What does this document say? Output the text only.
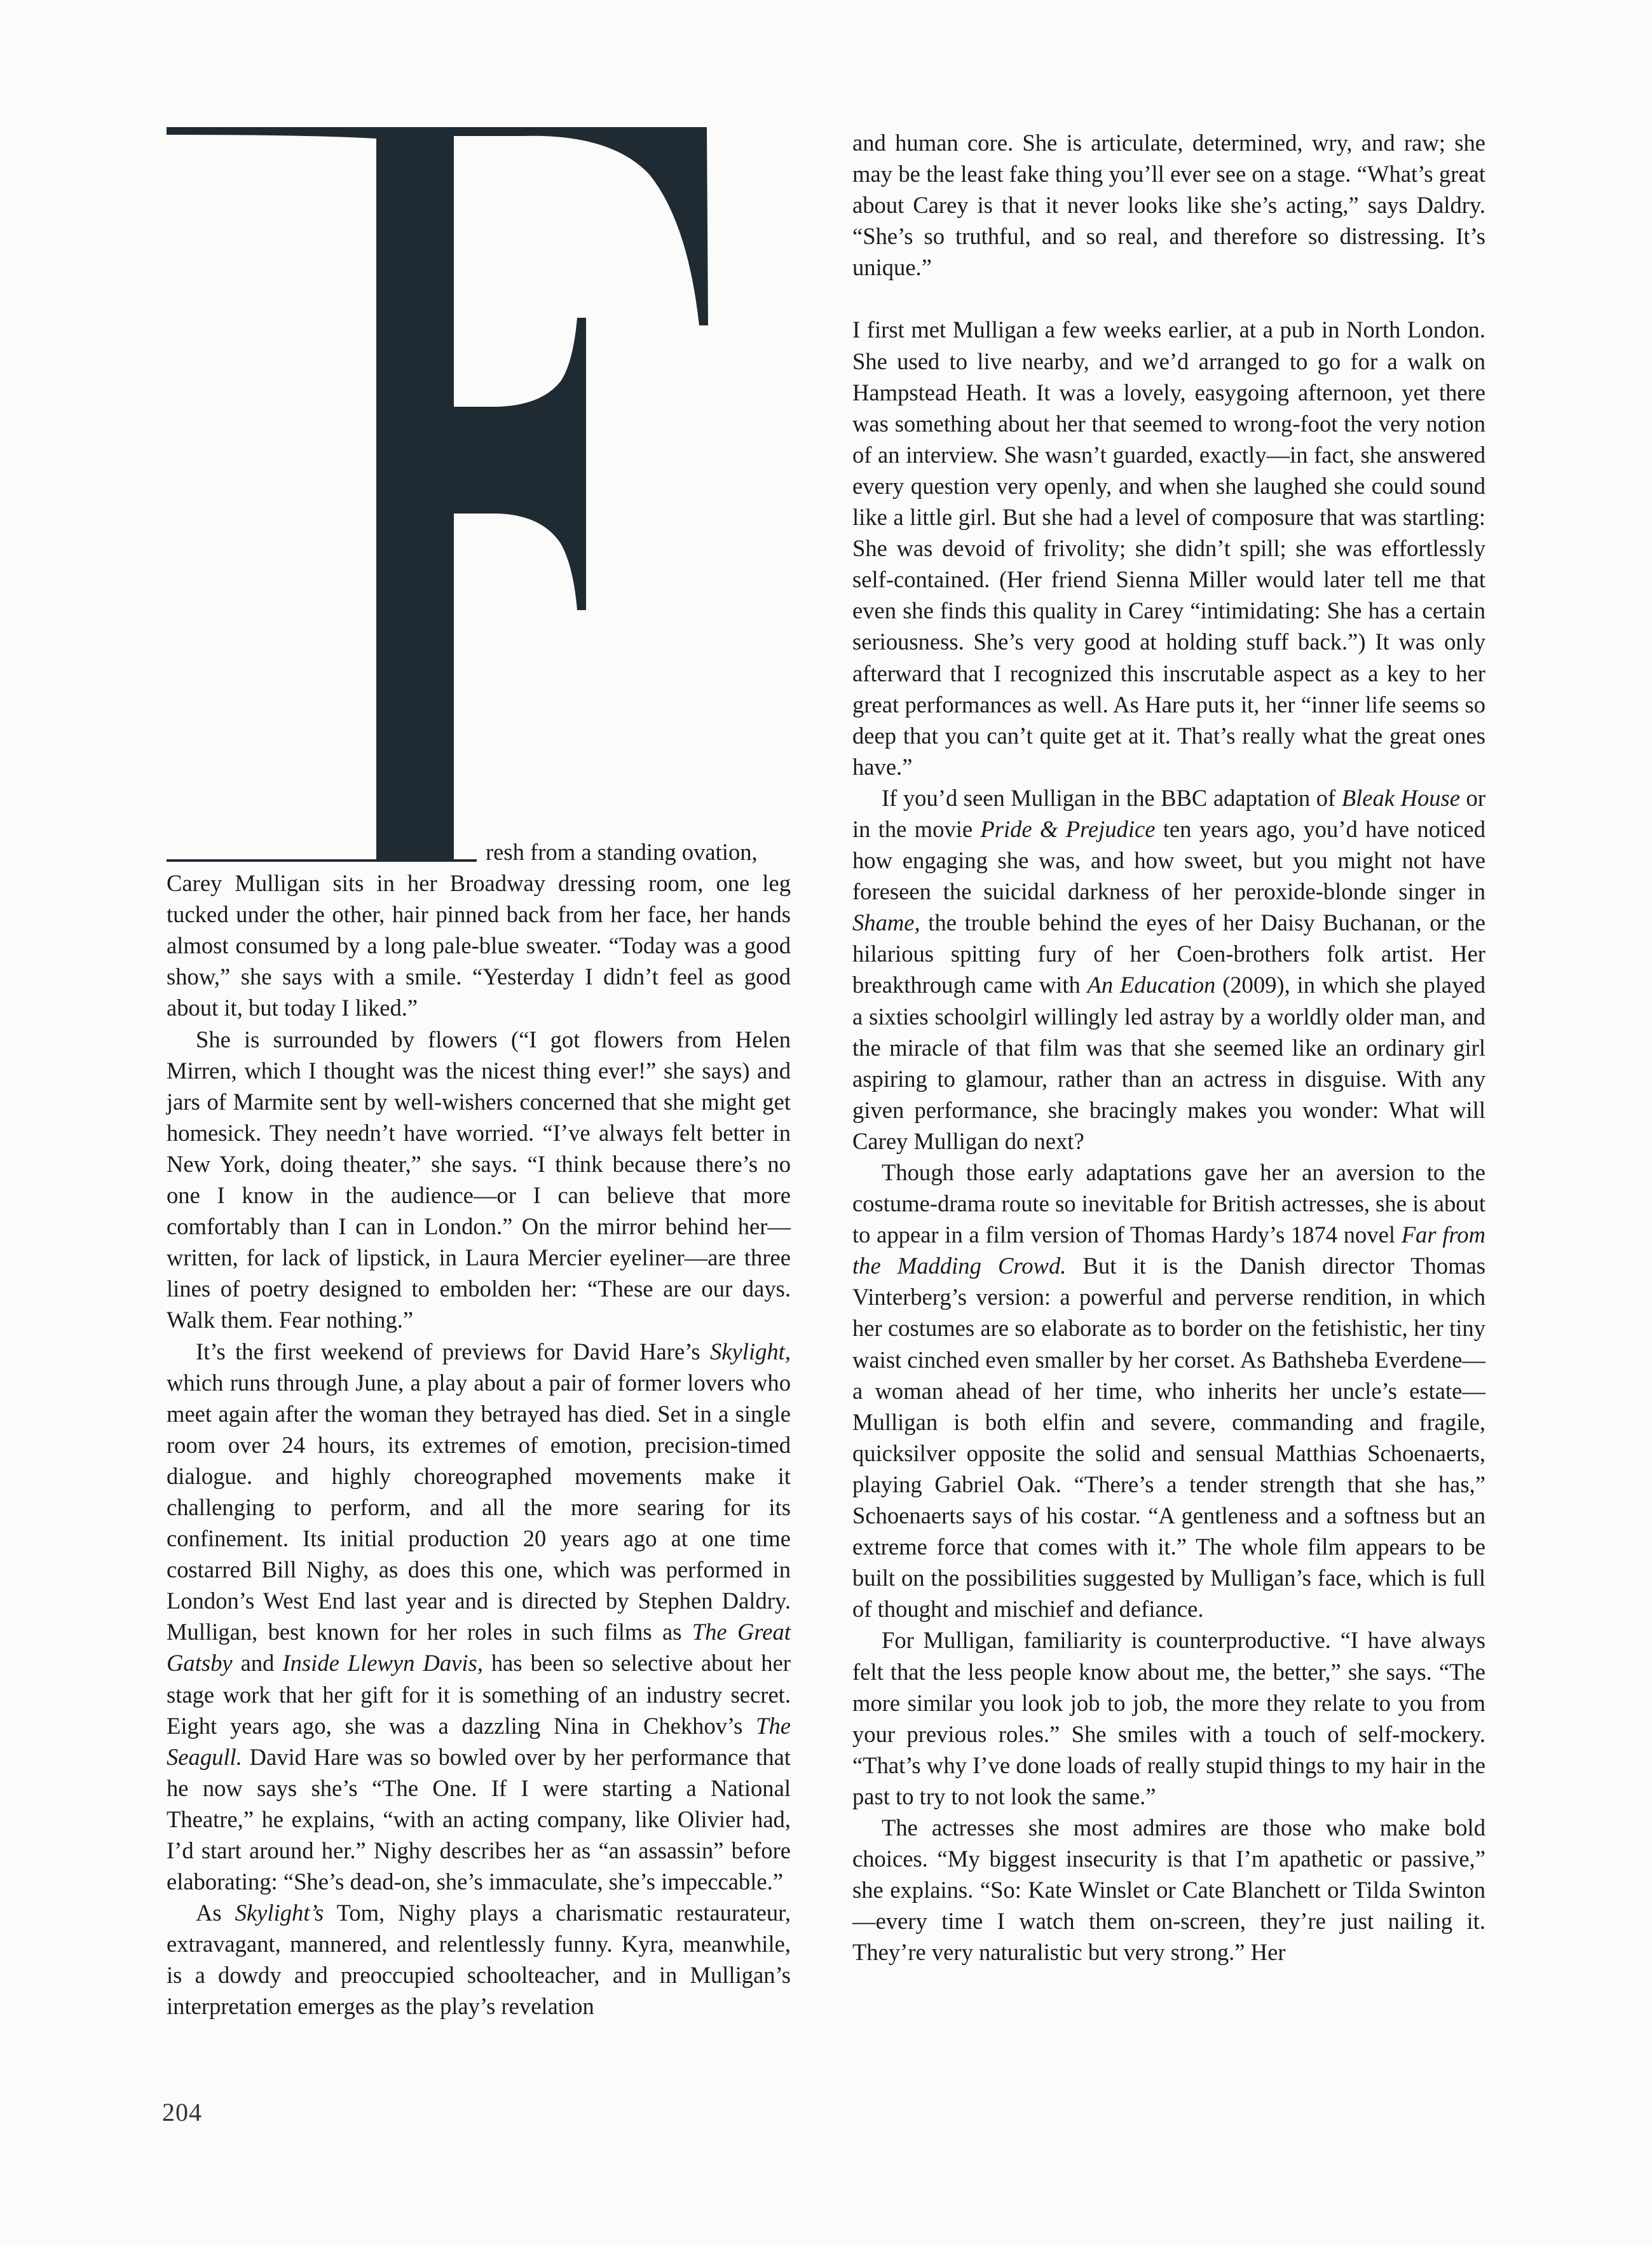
resh from a standing ovation,

Carey Mulligan sits in her Broadway dressing room, one leg tucked under the other, hair pinned back from her face, her hands almost consumed by a long pale-blue sweater. “Today was a good show,” she says with a smile. “Yesterday I didn’t feel as good about it, but today I liked.”

She is surrounded by flowers (“I got flowers from Helen Mirren, which I thought was the nicest thing ever!” she says) and jars of Marmite sent by well-wishers concerned that she might get homesick. They needn’t have worried. “I’ve always felt better in New York, doing theater,” she says. “I think because there’s no one I know in the audience—or I can believe that more comfortably than I can in London.” On the mirror behind her—written, for lack of lipstick, in Laura Mercier eyeliner—are three lines of poetry designed to embolden her: “These are our days. Walk them. Fear nothing.”

It’s the first weekend of previews for David Hare’s Skylight, which runs through June, a play about a pair of former lovers who meet again after the woman they betrayed has died. Set in a single room over 24 hours, its extremes of emotion, precision-timed dialogue. and highly choreographed movements make it challenging to perform, and all the more searing for its confinement. Its initial production 20 years ago at one time costarred Bill Nighy, as does this one, which was performed in London’s West End last year and is directed by Stephen Daldry. Mulligan, best known for her roles in such films as The Great Gatsby and Inside Llewyn Davis, has been so selective about her stage work that her gift for it is something of an industry secret. Eight years ago, she was a dazzling Nina in Chekhov’s The Seagull. David Hare was so bowled over by her performance that he now says she’s “The One. If I were starting a National Theatre,” he explains, “with an acting company, like Olivier had, I’d start around her.” Nighy describes her as “an assassin” before elaborating: “She’s dead-on, she’s immaculate, she’s impeccable.”

As Skylight’s Tom, Nighy plays a charismatic restaurateur, extravagant, mannered, and relentlessly funny. Kyra, meanwhile, is a dowdy and preoccupied schoolteacher, and in Mulligan’s interpretation emerges as the play’s revelation

and human core. She is articulate, determined, wry, and raw; she may be the least fake thing you’ll ever see on a stage. “What’s great about Carey is that it never looks like she’s acting,” says Daldry. “She’s so truthful, and so real, and therefore so distressing. It’s unique.”

I first met Mulligan a few weeks earlier, at a pub in North London. She used to live nearby, and we’d arranged to go for a walk on Hampstead Heath. It was a lovely, easygoing afternoon, yet there was something about her that seemed to wrong-foot the very notion of an interview. She wasn’t guarded, exactly—in fact, she answered every question very openly, and when she laughed she could sound like a little girl. But she had a level of composure that was startling: She was devoid of frivolity; she didn’t spill; she was effortlessly self-contained. (Her friend Sienna Miller would later tell me that even she finds this quality in Carey “intimidating: She has a certain seriousness. She’s very good at holding stuff back.”) It was only afterward that I recognized this inscrutable aspect as a key to her great performances as well. As Hare puts it, her “inner life seems so deep that you can’t quite get at it. That’s really what the great ones have.”

If you’d seen Mulligan in the BBC adaptation of Bleak House or in the movie Pride & Prejudice ten years ago, you’d have noticed how engaging she was, and how sweet, but you might not have foreseen the suicidal darkness of her peroxide-blonde singer in Shame, the trouble behind the eyes of her Daisy Buchanan, or the hilarious spitting fury of her Coen-brothers folk artist. Her breakthrough came with An Education (2009), in which she played a sixties schoolgirl willingly led astray by a worldly older man, and the miracle of that film was that she seemed like an ordinary girl aspiring to glamour, rather than an actress in disguise. With any given performance, she bracingly makes you wonder: What will Carey Mulligan do next?

Though those early adaptations gave her an aversion to the costume-drama route so inevitable for British actresses, she is about to appear in a film version of Thomas Hardy’s 1874 novel Far from the Madding Crowd. But it is the Danish director Thomas Vinterberg’s version: a powerful and perverse rendition, in which her costumes are so elaborate as to border on the fetishistic, her tiny waist cinched even smaller by her corset. As Bathsheba Everdene—a woman ahead of her time, who inherits her uncle’s estate—Mulligan is both elfin and severe, commanding and fragile, quicksilver opposite the solid and sensual Matthias Schoenaerts, playing Gabriel Oak. “There’s a tender strength that she has,” Schoenaerts says of his costar. “A gentleness and a softness but an extreme force that comes with it.” The whole film appears to be built on the possibilities suggested by Mulligan’s face, which is full of thought and mischief and defiance.

For Mulligan, familiarity is counterproductive. “I have always felt that the less people know about me, the better,” she says. “The more similar you look job to job, the more they relate to you from your previous roles.” She smiles with a touch of self-mockery. “That’s why I’ve done loads of really stupid things to my hair in the past to try to not look the same.”

The actresses she most admires are those who make bold choices. “My biggest insecurity is that I’m apathetic or passive,” she explains. “So: Kate Winslet or Cate Blanchett or Tilda Swinton—every time I watch them on-screen, they’re just nailing it. They’re very naturalistic but very strong.” Her

204
